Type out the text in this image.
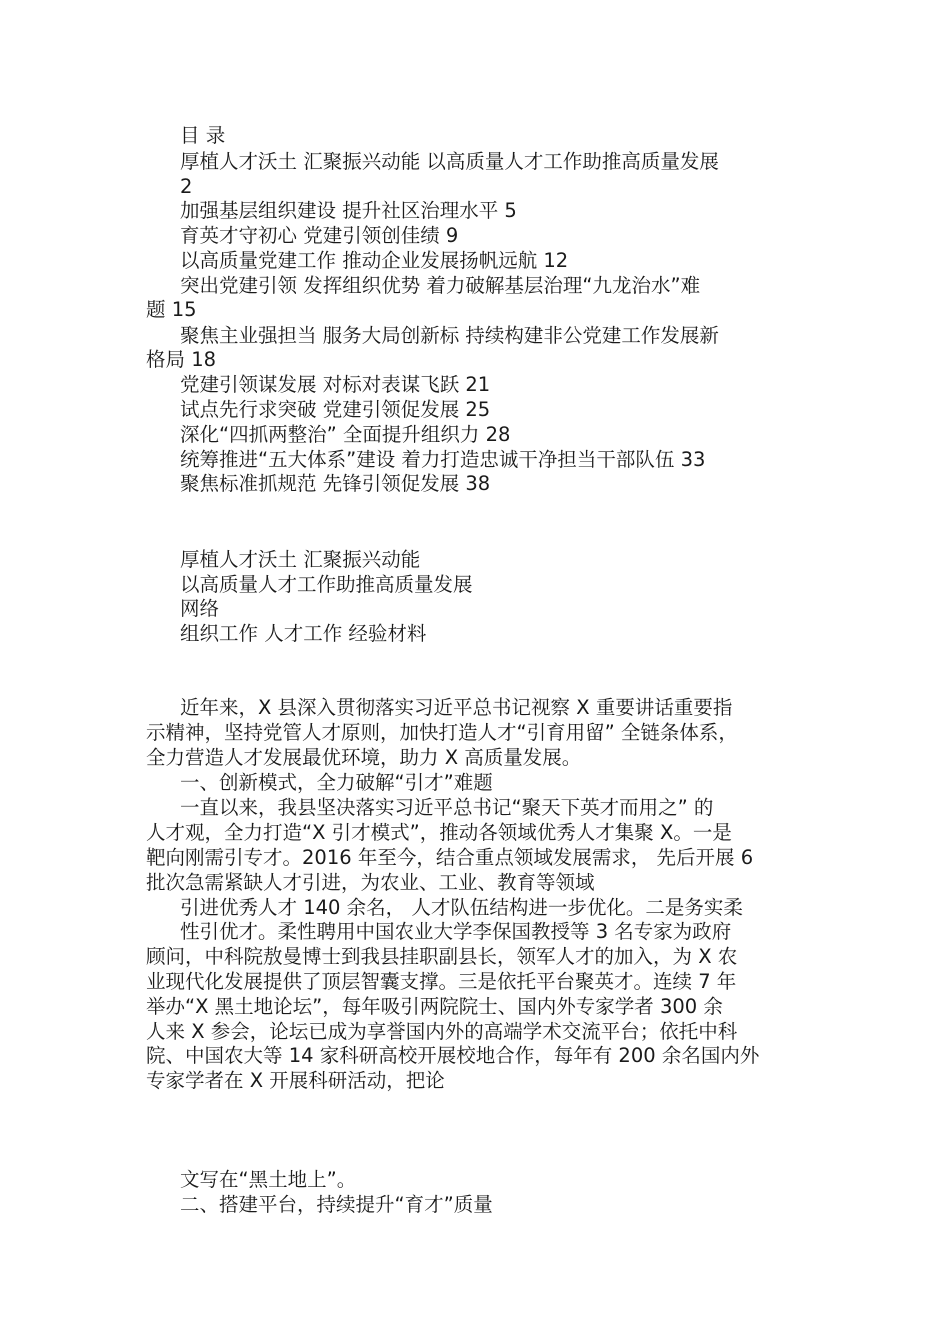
目 录
厚植人才沃土 汇聚振兴动能 以高质量人才工作助推高质量发展
2
加强基层组织建设 提升社区治理水平 5
育英才守初心 党建引领创佳绩 9
以高质量党建工作 推动企业发展扬帆远航 12
突出党建引领 发挥组织优势 着力破解基层治理“九龙治水”难
题 15
聚焦主业强担当 服务大局创新标 持续构建非公党建工作发展新
格局 18
党建引领谋发展 对标对表谋飞跃 21
试点先行求突破 党建引领促发展 25
深化“四抓两整治” 全面提升组织力 28
统筹推进“五大体系”建设 着力打造忠诚干净担当干部队伍 33
聚焦标准抓规范 先锋引领促发展 38
厚植人才沃土 汇聚振兴动能
以高质量人才工作助推高质量发展
网络
组织工作 人才工作 经验材料
近年来，X 县深入贯彻落实习近平总书记视察 X 重要讲话重要指
示精神，坚持党管人才原则，加快打造人才“引育用留” 全链条体系，
全力营造人才发展最优环境，助力 X 高质量发展。
一、创新模式，全力破解“引才”难题
一直以来，我县坚决落实习近平总书记“聚天下英才而用之” 的
人才观，全力打造“X 引才模式”，推动各领域优秀人才集聚 X。一是
靶向刚需引专才。2016 年至今，结合重点领域发展需求， 先后开展 6
批次急需紧缺人才引进，为农业、工业、教育等领域
引进优秀人才 140 余名， 人才队伍结构进一步优化。二是务实柔
性引优才。柔性聘用中国农业大学李保国教授等 3 名专家为政府
顾问，中科院敖曼博士到我县挂职副县长，领军人才的加入，为 X 农
业现代化发展提供了顶层智囊支撑。三是依托平台聚英才。连续 7 年
举办“X 黑土地论坛”，每年吸引两院院士、国内外专家学者 300 余
人来 X 参会，论坛已成为享誉国内外的高端学术交流平台；依托中科
院、中国农大等 14 家科研高校开展校地合作，每年有 200 余名国内外
专家学者在 X 开展科研活动，把论
文写在“黑土地上”。
二、搭建平台，持续提升“育才”质量
